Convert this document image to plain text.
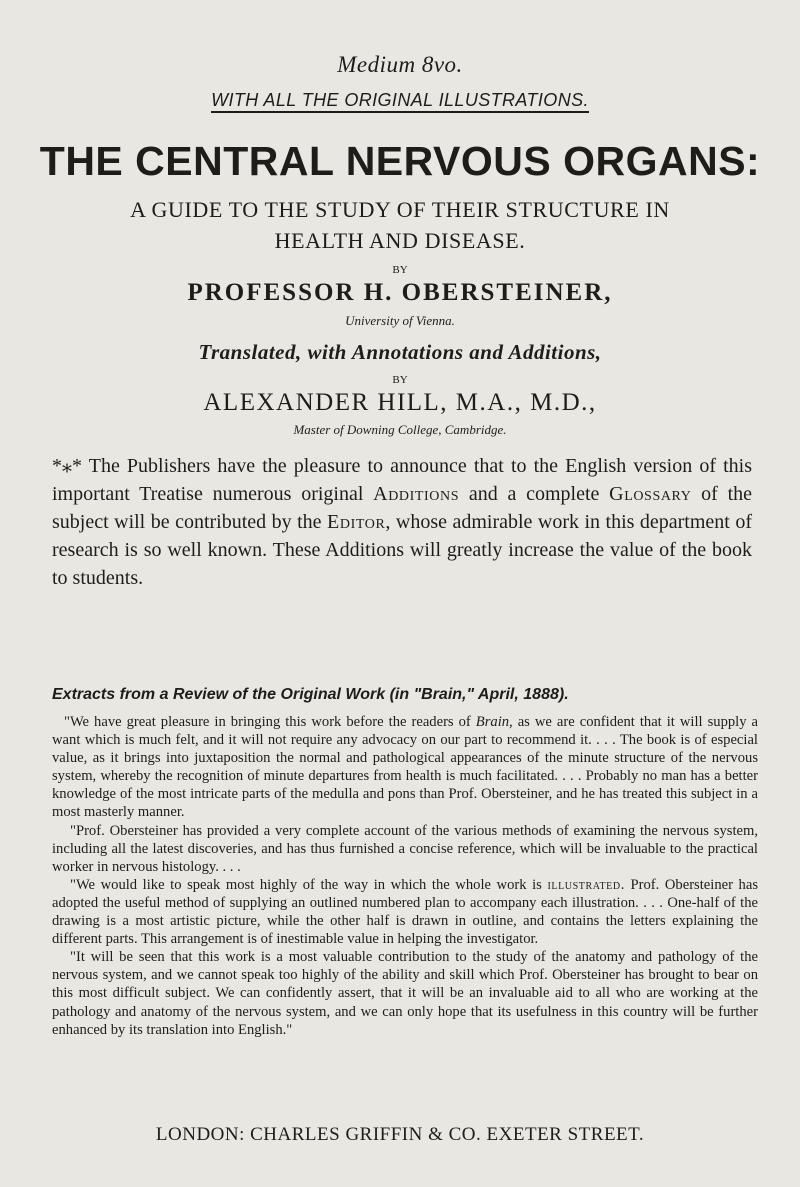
Medium 8vo.
WITH ALL THE ORIGINAL ILLUSTRATIONS.
THE CENTRAL NERVOUS ORGANS:
A GUIDE TO THE STUDY OF THEIR STRUCTURE IN
HEALTH AND DISEASE.
BY
PROFESSOR H. OBERSTEINER,
University of Vienna.
Translated, with Annotations and Additions,
BY
ALEXANDER HILL, M.A., M.D.,
Master of Downing College, Cambridge.
*⁎* The Publishers have the pleasure to announce that to the English version of this important Treatise numerous original Additions and a complete Glossary of the subject will be contributed by the Editor, whose admirable work in this department of research is so well known. These Additions will greatly increase the value of the book to students.
Extracts from a Review of the Original Work (in "Brain," April, 1888).

"We have great pleasure in bringing this work before the readers of Brain, as we are confident that it will supply a want which is much felt, and it will not require any advocacy on our part to recommend it. . . . The book is of especial value, as it brings into juxtaposition the normal and pathological appearances of the minute structure of the nervous system, whereby the recognition of minute departures from health is much facilitated. . . . Probably no man has a better knowledge of the most intricate parts of the medulla and pons than Prof. Obersteiner, and he has treated this subject in a most masterly manner.

"Prof. Obersteiner has provided a very complete account of the various methods of examining the nervous system, including all the latest discoveries, and has thus furnished a concise reference, which will be invaluable to the practical worker in nervous histology. . . .

"We would like to speak most highly of the way in which the whole work is illustrated. Prof. Obersteiner has adopted the useful method of supplying an outlined numbered plan to accompany each illustration. . . . One-half of the drawing is a most artistic picture, while the other half is drawn in outline, and contains the letters explaining the different parts. This arrangement is of inestimable value in helping the investigator.

"It will be seen that this work is a most valuable contribution to the study of the anatomy and pathology of the nervous system, and we cannot speak too highly of the ability and skill which Prof. Obersteiner has brought to bear on this most difficult subject. We can confidently assert, that it will be an invaluable aid to all who are working at the pathology and anatomy of the nervous system, and we can only hope that its usefulness in this country will be further enhanced by its translation into English."

LONDON: CHARLES GRIFFIN & CO. EXETER STREET.
